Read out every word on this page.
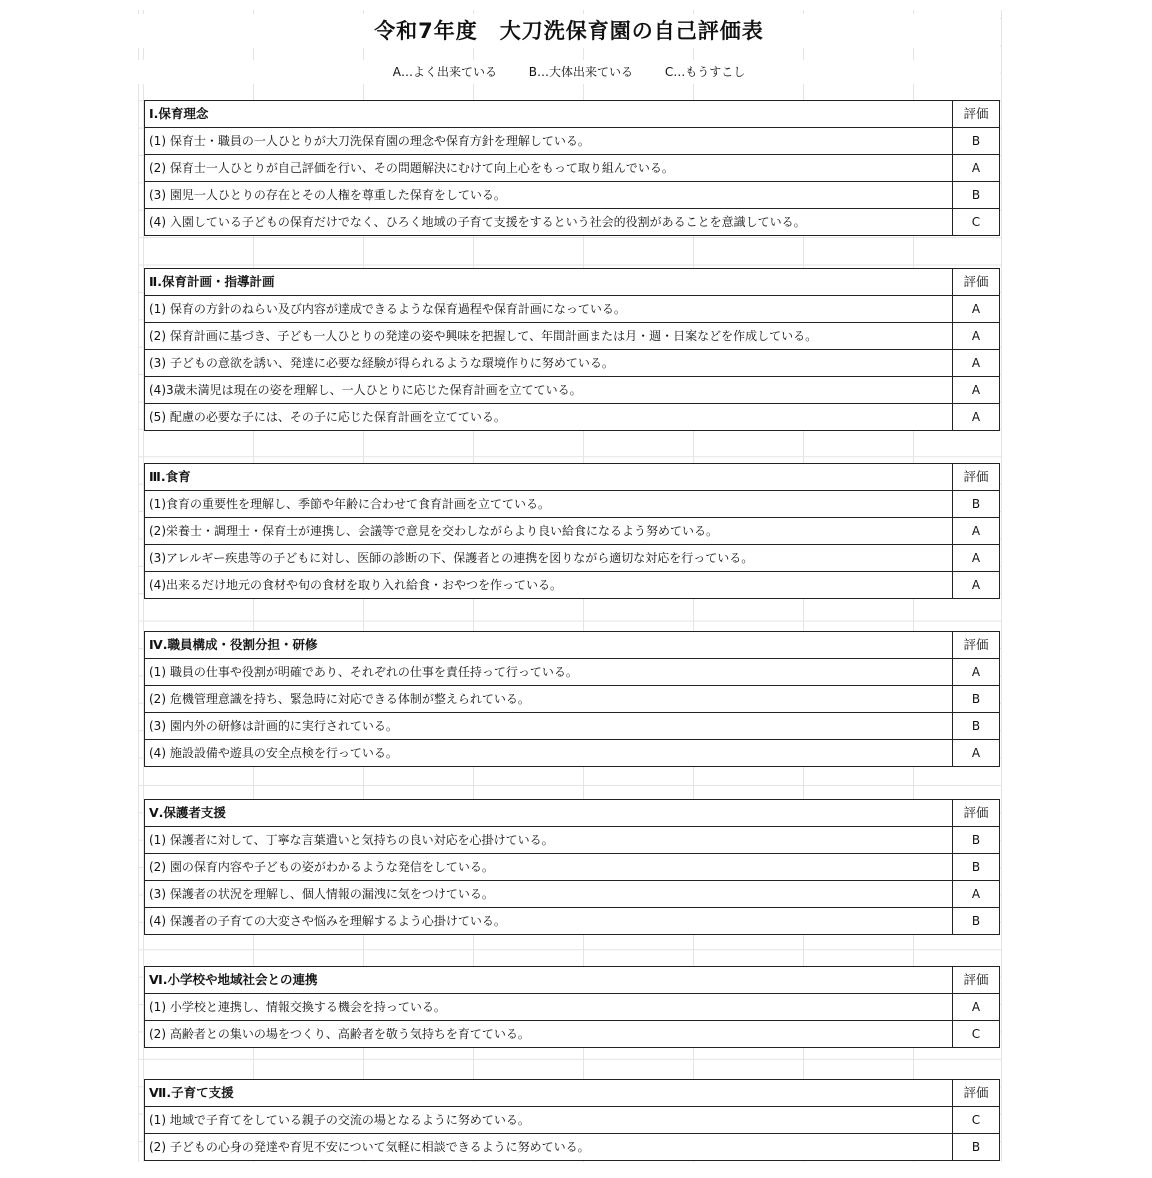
令和7年度　大刀洗保育園の自己評価表
A…よく出来ている	B…大体出来ている	C…もうすこし
Ⅰ.保育理念	評価
(1) 保育士・職員の一人ひとりが大刀洗保育園の理念や保育方針を理解している。	B
(2) 保育士一人ひとりが自己評価を行い、その問題解決にむけて向上心をもって取り組んでいる。	A
(3) 園児一人ひとりの存在とその人権を尊重した保育をしている。	B
(4) 入園している子どもの保育だけでなく、ひろく地域の子育て支援をするという社会的役割があることを意識している。	C
Ⅱ.保育計画・指導計画	評価
(1) 保育の方針のねらい及び内容が達成できるような保育過程や保育計画になっている。	A
(2) 保育計画に基づき、子ども一人ひとりの発達の姿や興味を把握して、年間計画または月・週・日案などを作成している。	A
(3) 子どもの意欲を誘い、発達に必要な経験が得られるような環境作りに努めている。	A
(4)3歳未満児は現在の姿を理解し、一人ひとりに応じた保育計画を立てている。	A
(5) 配慮の必要な子には、その子に応じた保育計画を立てている。	A
Ⅲ.食育	評価
(1)食育の重要性を理解し、季節や年齢に合わせて食育計画を立てている。	B
(2)栄養士・調理士・保育士が連携し、会議等で意見を交わしながらより良い給食になるよう努めている。	A
(3)アレルギー疾患等の子どもに対し、医師の診断の下、保護者との連携を図りながら適切な対応を行っている。	A
(4)出来るだけ地元の食材や旬の食材を取り入れ給食・おやつを作っている。	A
Ⅳ.職員構成・役割分担・研修	評価
(1) 職員の仕事や役割が明確であり、それぞれの仕事を責任持って行っている。	A
(2) 危機管理意識を持ち、緊急時に対応できる体制が整えられている。	B
(3) 園内外の研修は計画的に実行されている。	B
(4) 施設設備や遊具の安全点検を行っている。	A
Ⅴ.保護者支援	評価
(1) 保護者に対して、丁寧な言葉遣いと気持ちの良い対応を心掛けている。	B
(2) 園の保育内容や子どもの姿がわかるような発信をしている。	B
(3) 保護者の状況を理解し、個人情報の漏洩に気をつけている。	A
(4) 保護者の子育ての大変さや悩みを理解するよう心掛けている。	B
Ⅵ.小学校や地域社会との連携	評価
(1) 小学校と連携し、情報交換する機会を持っている。	A
(2) 高齢者との集いの場をつくり、高齢者を敬う気持ちを育てている。	C
Ⅶ.子育て支援	評価
(1) 地域で子育てをしている親子の交流の場となるように努めている。	C
(2) 子どもの心身の発達や育児不安について気軽に相談できるように努めている。	B
